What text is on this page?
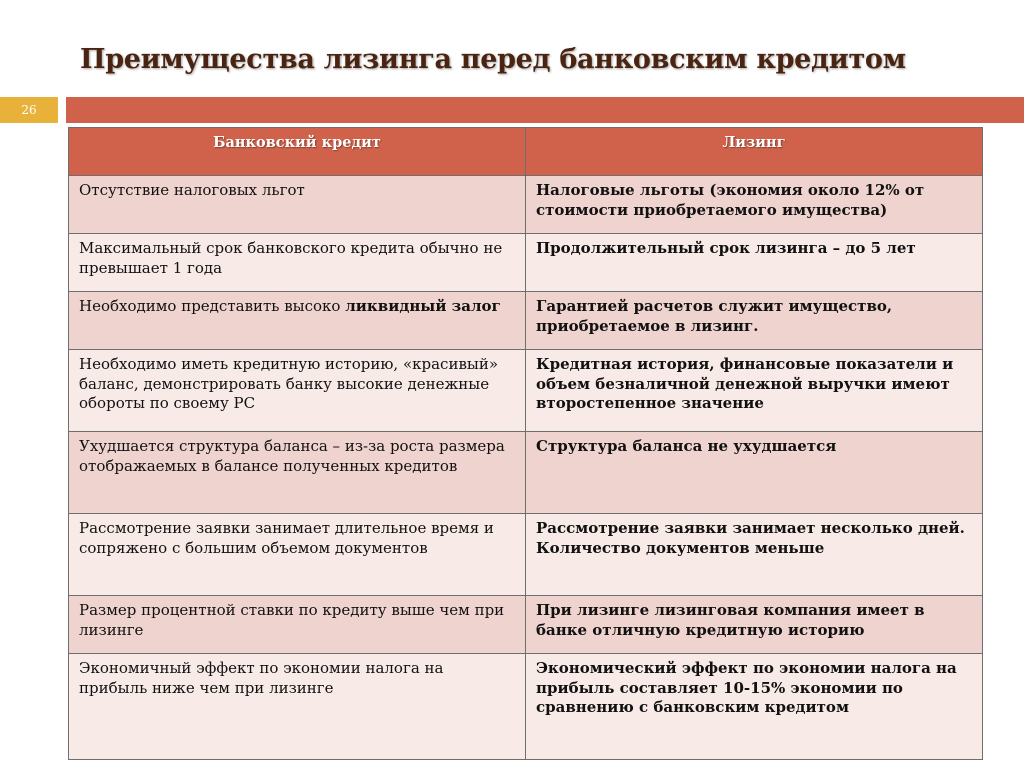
Преимущества лизинга перед банковским кредитом
26
Банковский кредит	Лизинг
Отсутствие налоговых льгот	Налоговые льготы (экономия около 12% от стоимости приобретаемого имущества)
Максимальный срок банковского кредита обычно не превышает 1 года	Продолжительный срок лизинга – до 5 лет
Необходимо представить высоко ликвидный залог	Гарантией расчетов служит имущество, приобретаемое в лизинг.
Необходимо иметь кредитную историю, «красивый» баланс, демонстрировать банку высокие денежные обороты по своему РС	Кредитная история, финансовые показатели и объем безналичной денежной выручки имеют второстепенное значение
Ухудшается структура баланса – из-за роста размера отображаемых в балансе полученных кредитов	Структура баланса не ухудшается
Рассмотрение заявки занимает длительное время и сопряжено с большим объемом документов	Рассмотрение заявки занимает несколько дней. Количество документов меньше
Размер процентной ставки по кредиту выше чем при лизинге	При лизинге лизинговая компания имеет в банке отличную кредитную историю
Экономичный эффект по экономии налога на прибыль ниже чем при лизинге	Экономический эффект по экономии налога на прибыль составляет 10-15% экономии по сравнению с банковским кредитом
